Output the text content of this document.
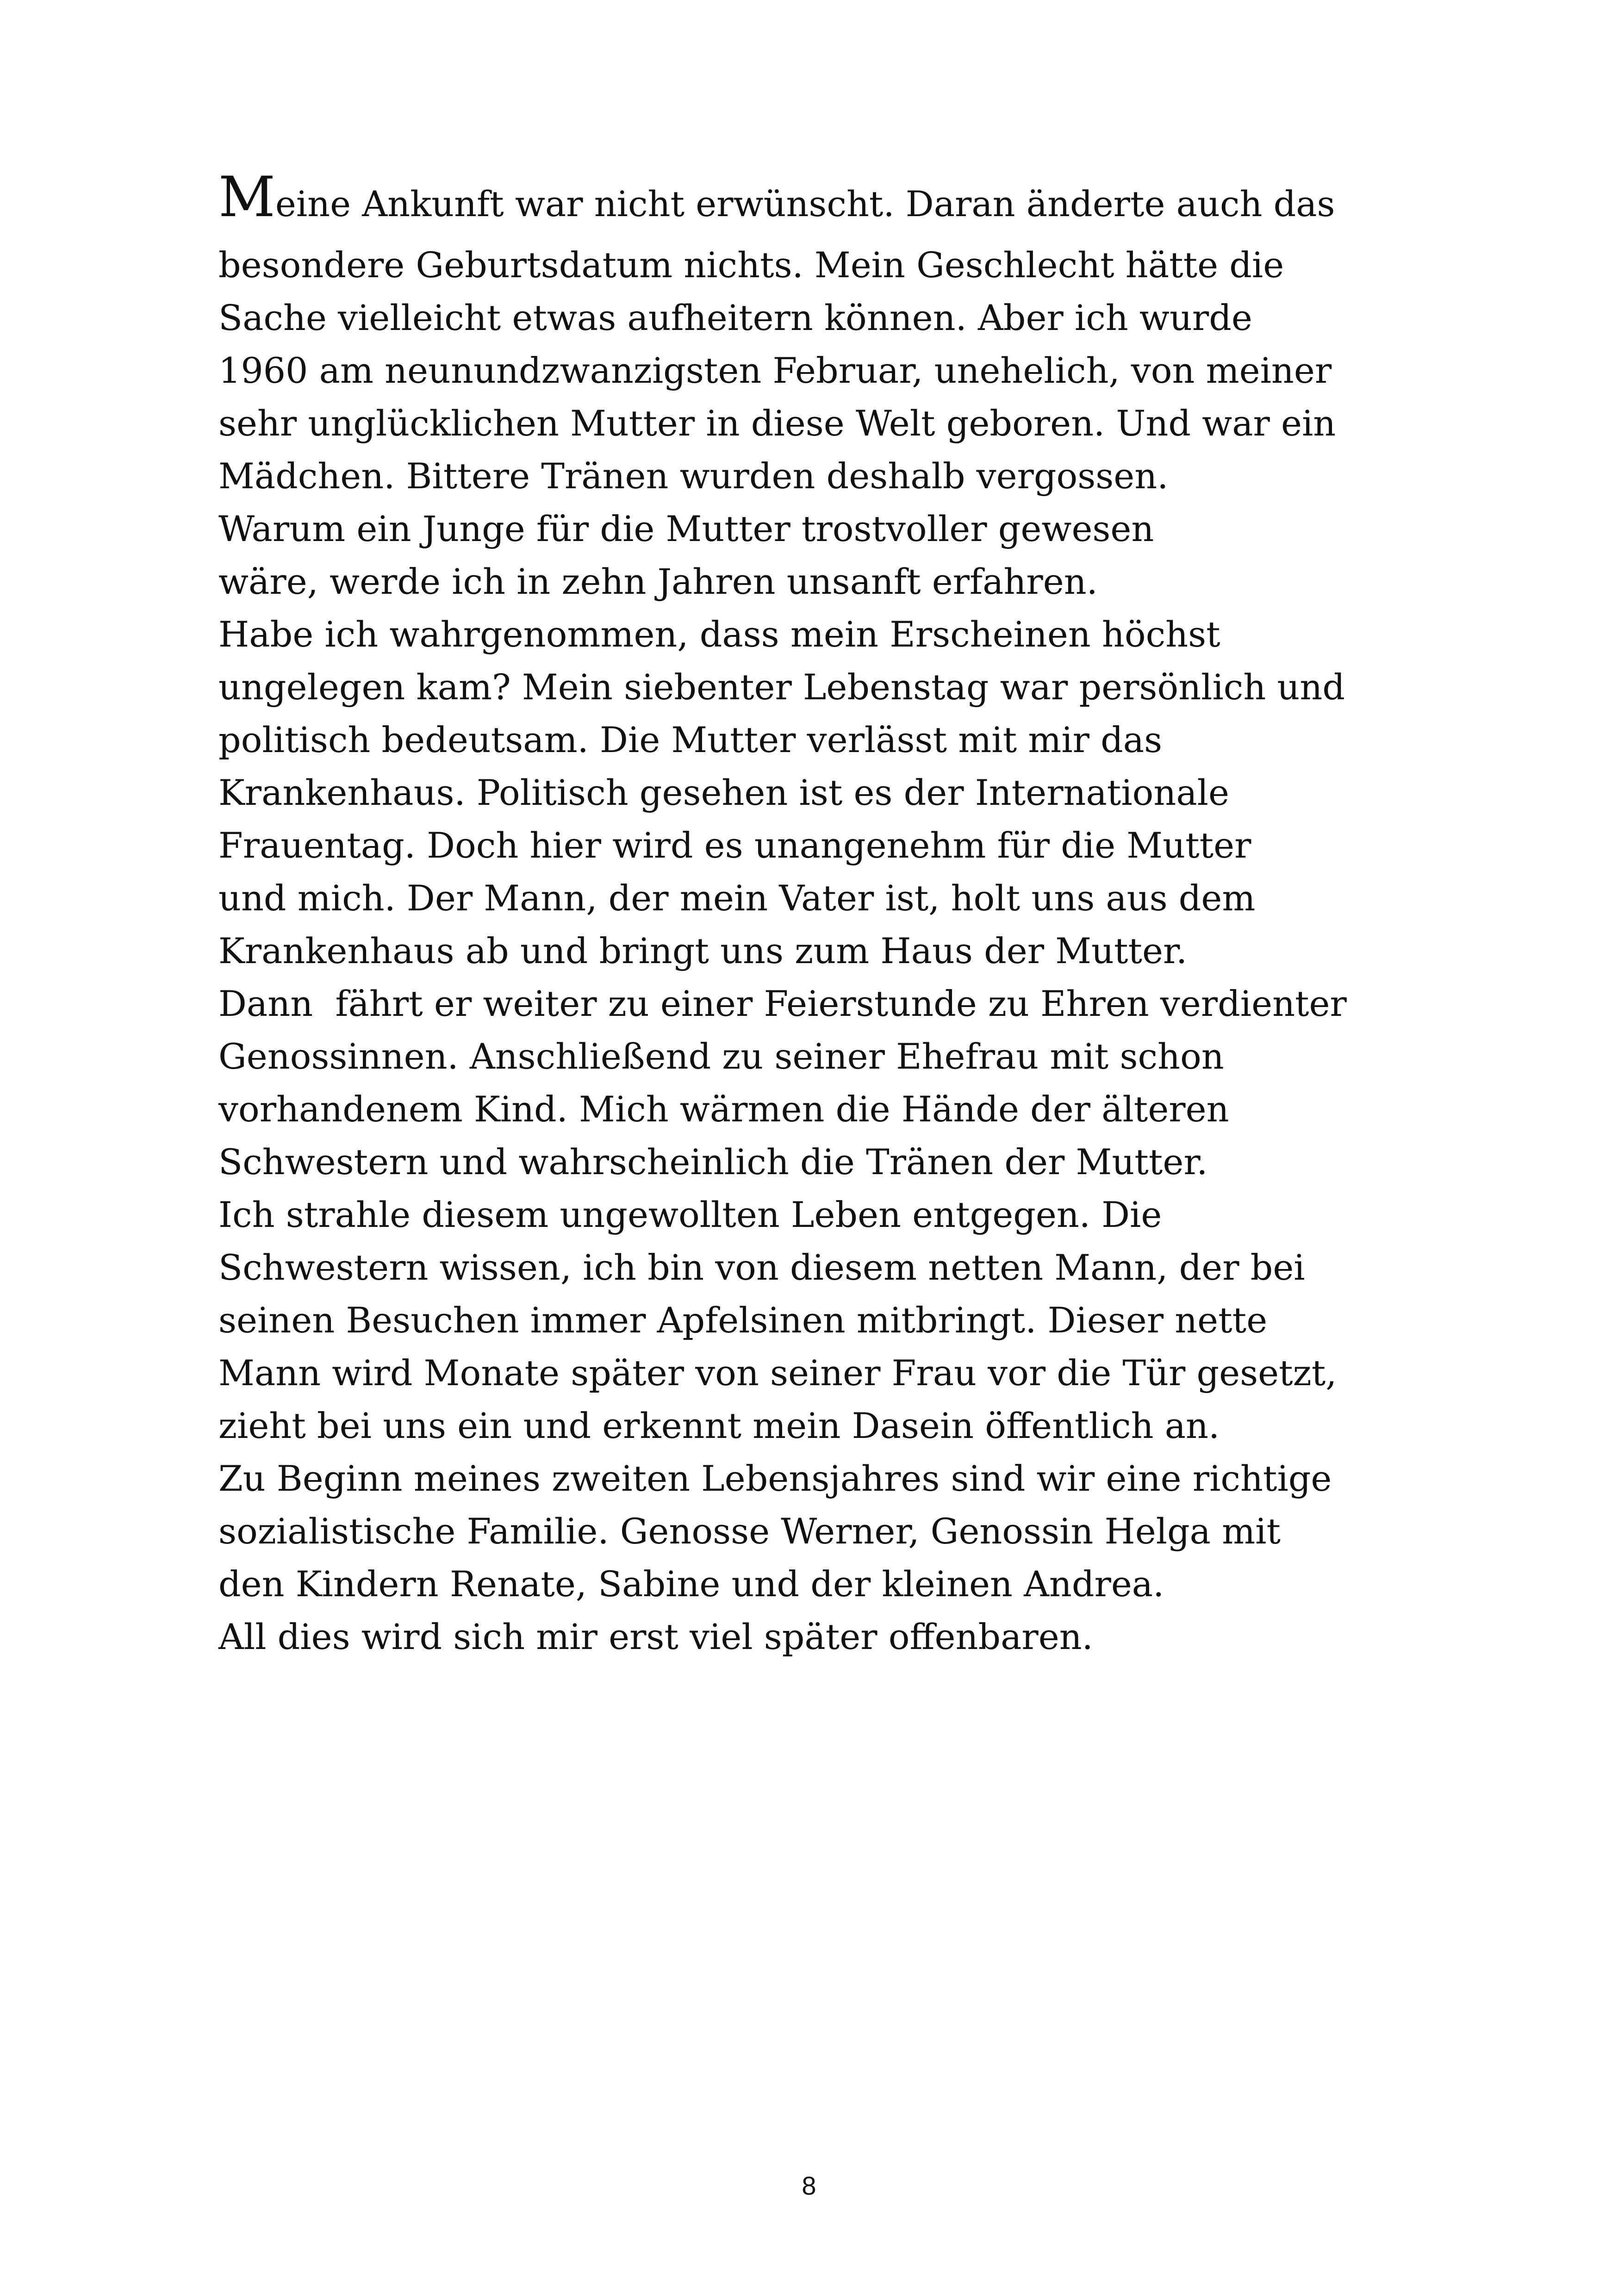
Meine Ankunft war nicht erwünscht. Daran änderte auch das
besondere Geburtsdatum nichts. Mein Geschlecht hätte die
Sache vielleicht etwas aufheitern können. Aber ich wurde
1960 am neunundzwanzigsten Februar, unehelich, von meiner
sehr unglücklichen Mutter in diese Welt geboren. Und war ein
Mädchen. Bittere Tränen wurden deshalb vergossen.
Warum ein Junge für die Mutter trostvoller gewesen
wäre, werde ich in zehn Jahren unsanft erfahren.
Habe ich wahrgenommen, dass mein Erscheinen höchst
ungelegen kam? Mein siebenter Lebenstag war persönlich und
politisch bedeutsam. Die Mutter verlässt mit mir das
Krankenhaus. Politisch gesehen ist es der Internationale
Frauentag. Doch hier wird es unangenehm für die Mutter
und mich. Der Mann, der mein Vater ist, holt uns aus dem
Krankenhaus ab und bringt uns zum Haus der Mutter.
Dann  fährt er weiter zu einer Feierstunde zu Ehren verdienter
Genossinnen. Anschließend zu seiner Ehefrau mit schon
vorhandenem Kind. Mich wärmen die Hände der älteren
Schwestern und wahrscheinlich die Tränen der Mutter.
Ich strahle diesem ungewollten Leben entgegen. Die
Schwestern wissen, ich bin von diesem netten Mann, der bei
seinen Besuchen immer Apfelsinen mitbringt. Dieser nette
Mann wird Monate später von seiner Frau vor die Tür gesetzt,
zieht bei uns ein und erkennt mein Dasein öffentlich an.
Zu Beginn meines zweiten Lebensjahres sind wir eine richtige
sozialistische Familie. Genosse Werner, Genossin Helga mit
den Kindern Renate, Sabine und der kleinen Andrea.
All dies wird sich mir erst viel später offenbaren.
8
